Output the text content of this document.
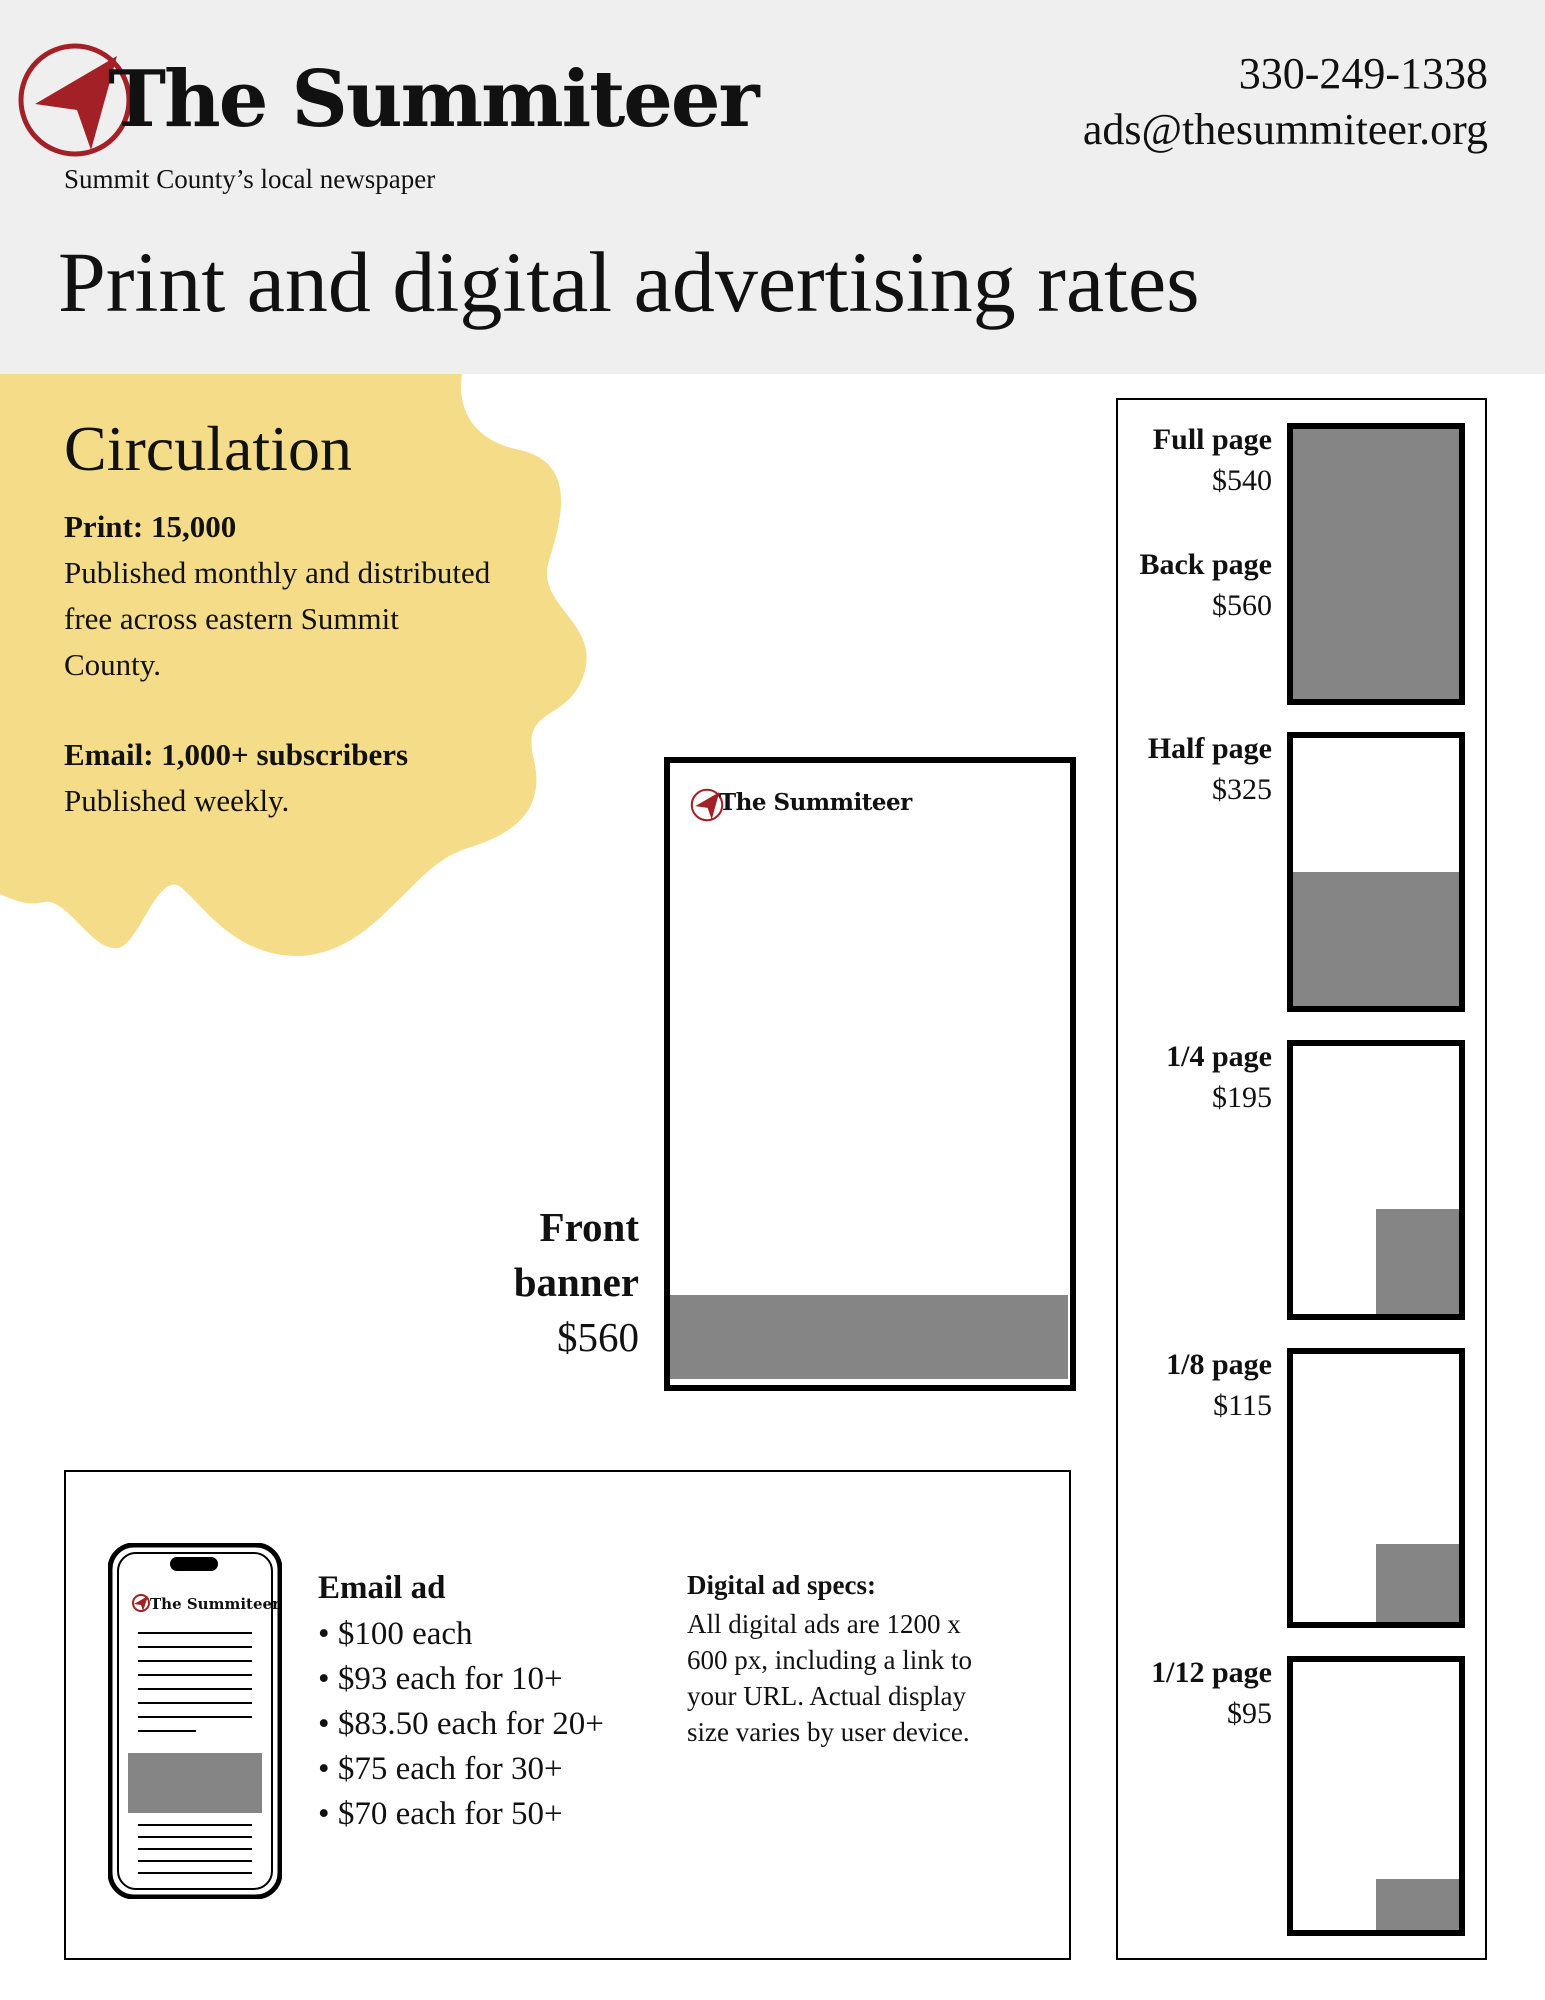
The Summiteer
Summit County’s local newspaper
330-249-1338
ads@thesummiteer.org
Print and digital advertising rates
Circulation
Print: 15,000
Published monthly and distributed
free across eastern Summit
County.
Email: 1,000+ subscribers
Published weekly.	The Summiteer
Front
banner
$560
Full page
$540
Back page
$560
Half page
$325
1/4 page
$195
1/8 page
$115
1/12 page
$95
The Summiteer Email ad
• $100 each
• $93 each for 10+
• $83.50 each for 20+
• $75 each for 30+
• $70 each for 50+
Digital ad specs:
All digital ads are 1200 x
600 px, including a link to
your URL. Actual display
size varies by user device.
